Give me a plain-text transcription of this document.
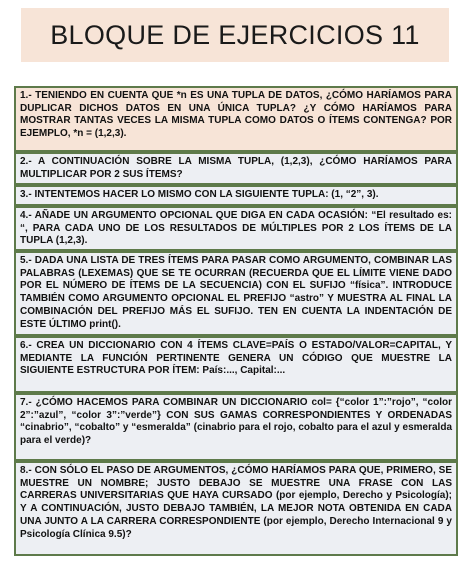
BLOQUE DE EJERCICIOS 11
1.- TENIENDO EN CUENTA QUE *n ES UNA TUPLA DE DATOS, ¿CÓMO HARÍAMOS PARA DUPLICAR DICHOS DATOS EN UNA ÚNICA TUPLA? ¿Y CÓMO HARÍAMOS PARA MOSTRAR TANTAS VECES LA MISMA TUPLA COMO DATOS O ÍTEMS CONTENGA? POR EJEMPLO, *n = (1,2,3).
2.- A CONTINUACIÓN SOBRE LA MISMA TUPLA, (1,2,3), ¿CÓMO HARÍAMOS PARA MULTIPLICAR POR 2 SUS ÍTEMS?
3.- INTENTEMOS HACER LO MISMO CON LA SIGUIENTE TUPLA: (1, “2”, 3).
4.- AÑADE UN ARGUMENTO OPCIONAL QUE DIGA EN CADA OCASIÓN: “El resultado es: “, PARA CADA UNO DE LOS RESULTADOS DE MÚLTIPLES POR 2 LOS ÍTEMS DE LA TUPLA (1,2,3).
5.- DADA UNA LISTA DE TRES ÍTEMS PARA PASAR COMO ARGUMENTO, COMBINAR LAS PALABRAS (LEXEMAS) QUE SE TE OCURRAN (RECUERDA QUE EL LÍMITE VIENE DADO POR EL NÚMERO DE ÍTEMS DE LA SECUENCIA) CON EL SUFIJO “física”. INTRODUCE TAMBIÉN COMO ARGUMENTO OPCIONAL EL PREFIJO “astro” Y MUESTRA AL FINAL LA COMBINACIÓN DEL PREFIJO MÁS EL SUFIJO. TEN EN CUENTA LA INDENTACIÓN DE ESTE ÚLTIMO print().
6.- CREA UN DICCIONARIO CON 4 ÍTEMS CLAVE=PAÍS O ESTADO/VALOR=CAPITAL, Y MEDIANTE LA FUNCIÓN PERTINENTE GENERA UN CÓDIGO QUE MUESTRE LA SIGUIENTE ESTRUCTURA POR ÍTEM: País:..., Capital:...
7.- ¿CÓMO HACEMOS PARA COMBINAR UN DICCIONARIO col= {“color 1”:”rojo”, “color 2”:”azul”, “color 3”:”verde”} CON SUS GAMAS CORRESPONDIENTES Y ORDENADAS “cinabrio”, “cobalto” y “esmeralda” (cinabrio para el rojo, cobalto para el azul y esmeralda para el verde)?
8.- CON SÓLO EL PASO DE ARGUMENTOS, ¿CÓMO HARÍAMOS PARA QUE, PRIMERO, SE MUESTRE UN NOMBRE; JUSTO DEBAJO SE MUESTRE UNA FRASE CON LAS CARRERAS UNIVERSITARIAS QUE HAYA CURSADO (por ejemplo, Derecho y Psicología); Y A CONTINUACIÓN, JUSTO DEBAJO TAMBIÉN, LA MEJOR NOTA OBTENIDA EN CADA UNA JUNTO A LA CARRERA CORRESPONDIENTE (por ejemplo, Derecho Internacional 9 y Psicología Clínica 9.5)?
